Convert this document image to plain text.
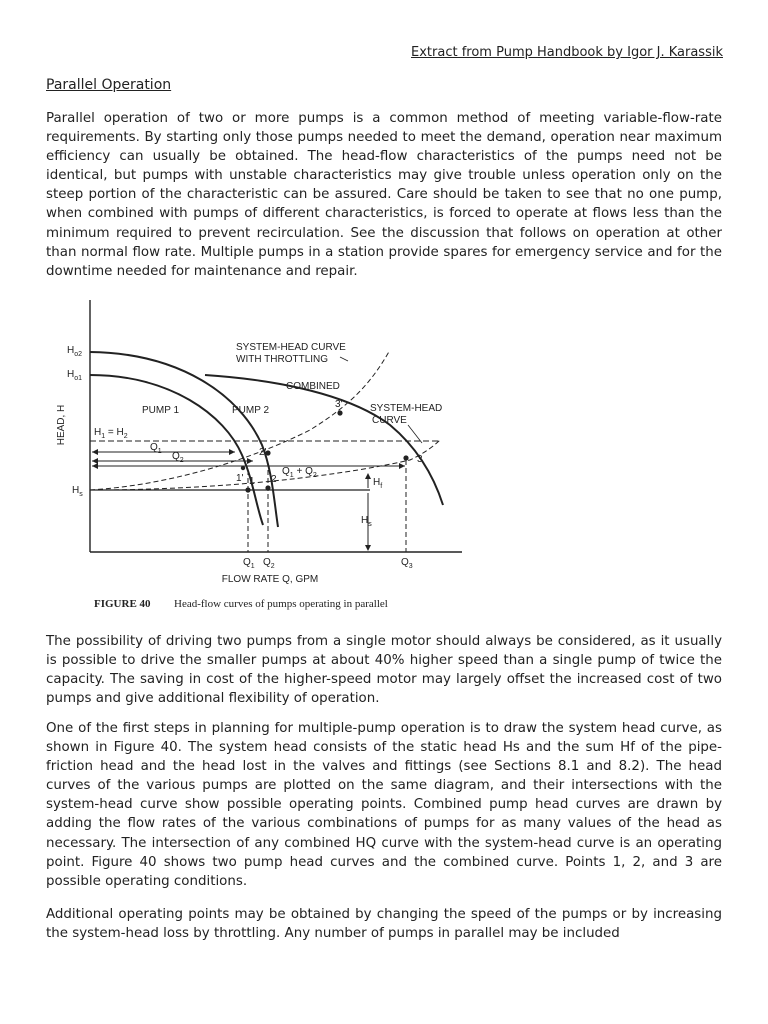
Extract from Pump Handbook by Igor J. Karassik
Parallel Operation

Parallel operation of two or more pumps is a common method of meeting variable-flow-rate requirements. By starting only those pumps needed to meet the demand, operation near maximum efficiency can usually be obtained. The head-flow characteristics of the pumps need not be identical, but pumps with unstable characteristics may give trouble unless operation only on the steep portion of the characteristic can be assured. Care should be taken to see that no one pump, when combined with pumps of different characteristics, is forced to operate at flows less than the minimum required to prevent recirculation. See the discussion that follows on operation at other than normal flow rate. Multiple pumps in a station provide spares for emergency service and for the downtime needed for maintenance and repair.

HEAD, H
$H_{o2}$
$H_{o1}$
$H_s$
PUMP 1	PUMP 2
COMBINED
SYSTEM-HEAD CURVE
WITH THROTTLING
SYSTEM-HEAD
CURVE
$H_1 = H_2$
$Q_1$ $Q_2$
$Q_1 + Q_2$
$H_f$
$H_s$
1 2
3
2'
3'
1'
$Q_1$ $Q_2$	$Q_3$
FLOW RATE Q, GPM
FIGURE 40 Head-flow curves of pumps operating in parallel

The possibility of driving two pumps from a single motor should always be considered, as it usually is possible to drive the smaller pumps at about 40% higher speed than a single pump of twice the capacity. The saving in cost of the higher-speed motor may largely offset the increased cost of two pumps and give additional flexibility of operation.

One of the first steps in planning for multiple-pump operation is to draw the system head curve, as shown in Figure 40. The system head consists of the static head Hs and the sum Hf of the pipe-friction head and the head lost in the valves and fittings (see Sections 8.1 and 8.2). The head curves of the various pumps are plotted on the same diagram, and their intersections with the system-head curve show possible operating points. Combined pump head curves are drawn by adding the flow rates of the various combinations of pumps for as many values of the head as necessary. The intersection of any combined HQ curve with the system-head curve is an operating point. Figure 40 shows two pump head curves and the combined curve. Points 1, 2, and 3 are possible operating conditions.

Additional operating points may be obtained by changing the speed of the pumps or by increasing the system-head loss by throttling. Any number of pumps in parallel may be included
